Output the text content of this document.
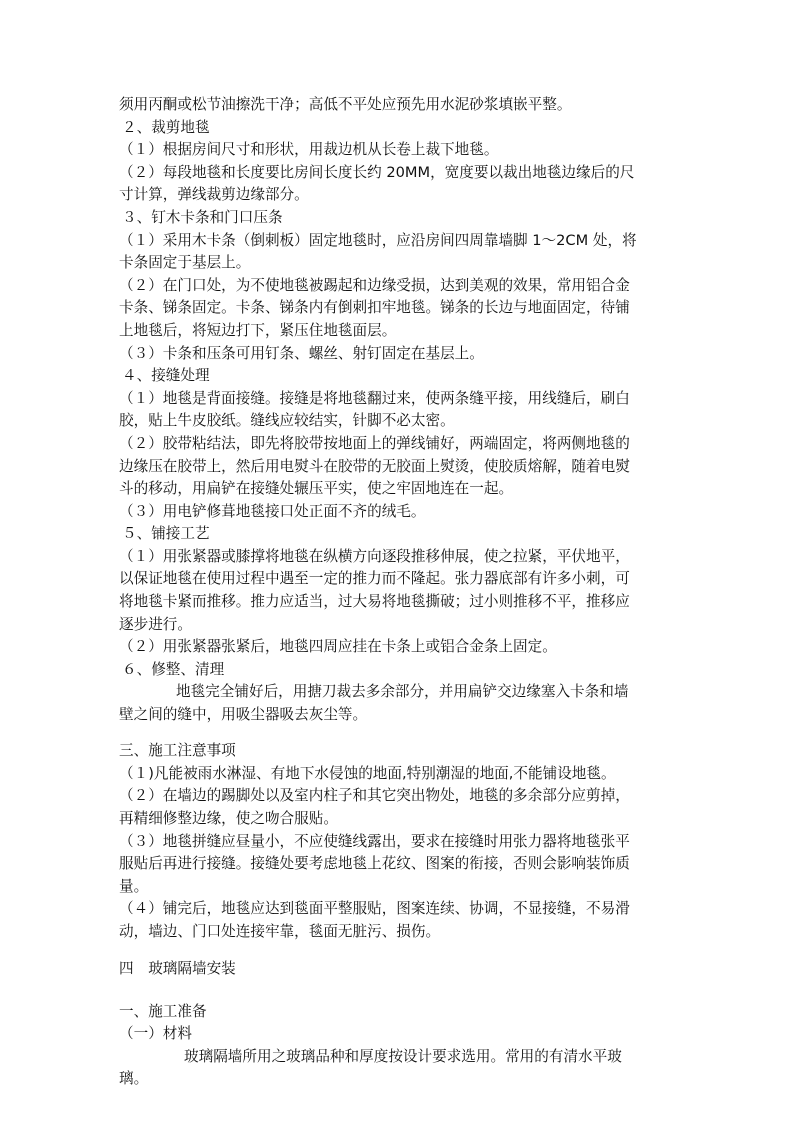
须用丙酮或松节油擦洗干净；高低不平处应预先用水泥砂浆填嵌平整。
２、裁剪地毯
（１）根据房间尺寸和形状，用裁边机从长卷上裁下地毯。
（２）每段地毯和长度要比房间长度长约 20MM，宽度要以裁出地毯边缘后的尺
寸计算，弹线裁剪边缘部分。
３、钉木卡条和门口压条
（１）采用木卡条（倒刺板）固定地毯时，应沿房间四周靠墙脚 1～2CM 处，将
卡条固定于基层上。
（２）在门口处，为不使地毯被踢起和边缘受损，达到美观的效果，常用铝合金
卡条、锑条固定。卡条、锑条内有倒刺扣牢地毯。锑条的长边与地面固定，待铺
上地毯后，将短边打下，紧压住地毯面层。
（３）卡条和压条可用钉条、螺丝、射钉固定在基层上。
４、接缝处理
（１）地毯是背面接缝。接缝是将地毯翻过来，使两条缝平接，用线缝后，刷白
胶，贴上牛皮胶纸。缝线应较结实，针脚不必太密。
（２）胶带粘结法，即先将胶带按地面上的弹线铺好，两端固定，将两侧地毯的
边缘压在胶带上，然后用电熨斗在胶带的无胶面上熨烫，使胶质熔解，随着电熨
斗的移动，用扁铲在接缝处辗压平实，使之牢固地连在一起。
（３）用电铲修葺地毯接口处正面不齐的绒毛。
５、铺接工艺
（１）用张紧器或膝撑将地毯在纵横方向逐段推移伸展，使之拉紧，平伏地平，
以保证地毯在使用过程中遇至一定的推力而不隆起。张力器底部有许多小刺，可
将地毯卡紧而推移。推力应适当，过大易将地毯撕破；过小则推移不平，推移应
逐步进行。
（２）用张紧器张紧后，地毯四周应挂在卡条上或铝合金条上固定。
６、修整、清理
地毯完全铺好后，用搪刀裁去多余部分，并用扁铲交边缘塞入卡条和墙
壁之间的缝中，用吸尘器吸去灰尘等。
三、施工注意事项
（１)凡能被雨水淋湿、有地下水侵蚀的地面,特别潮湿的地面,不能铺设地毯。
（２）在墙边的踢脚处以及室内柱子和其它突出物处，地毯的多余部分应剪掉，
再精细修整边缘，使之吻合服贴。
（３）地毯拼缝应昼量小，不应使缝线露出，要求在接缝时用张力器将地毯张平
服贴后再进行接缝。接缝处要考虑地毯上花纹、图案的衔接，否则会影响装饰质
量。
（４）铺完后，地毯应达到毯面平整服贴，图案连续、协调，不显接缝，不易滑
动，墙边、门口处连接牢靠，毯面无脏污、损伤。
四　玻璃隔墙安装
一、施工准备
（一）材料
玻璃隔墙所用之玻璃品种和厚度按设计要求选用。常用的有清水平玻
璃。
